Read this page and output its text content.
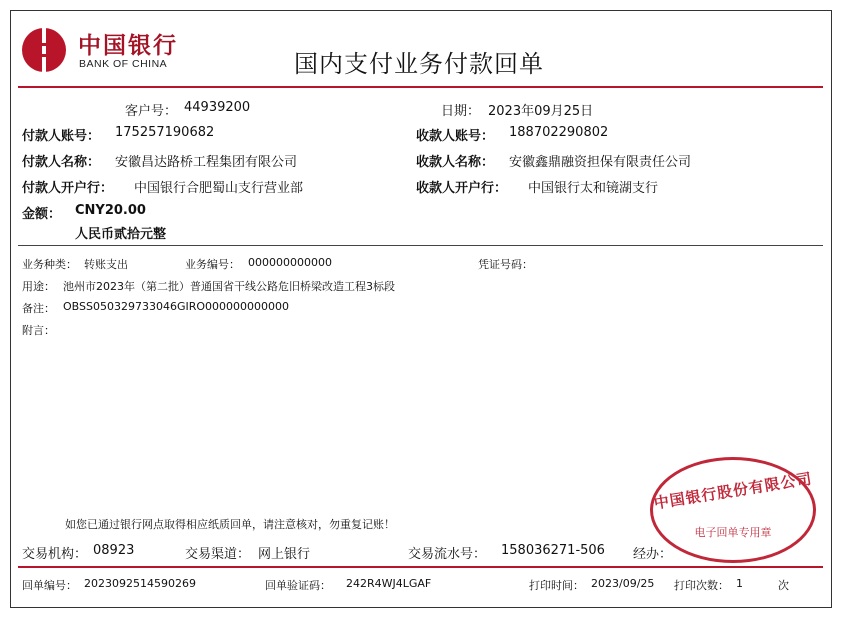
中国银行
BANK OF CHINA	国内支付业务付款回单
客户号： 44939200	日期： 2023年09月25日
付款人账号： 175257190682	收款人账号： 188702290802
付款人名称： 安徽昌达路桥工程集团有限公司	收款人名称： 安徽鑫鼎融资担保有限责任公司
付款人开户行： 中国银行合肥蜀山支行营业部	收款人开户行： 中国银行太和镜湖支行
金额： CNY20.00
人民币贰拾元整
业务种类： 转账支出	业务编号： 000000000000	凭证号码：
用途： 池州市2023年（第二批）普通国省干线公路危旧桥梁改造工程3标段
备注： OBSS050329733046GIRO000000000000
附言：
如您已通过银行网点取得相应纸质回单，请注意核对，勿重复记账！
交易机构： 08923	交易渠道： 网上银行	交易流水号： 158036271-506 经办：
回单编号： 2023092514590269	回单验证码： 242R4WJ4LGAF	打印时间： 2023/09/25 打印次数： 1	次
中国银行股份有限公司
电子回单专用章
